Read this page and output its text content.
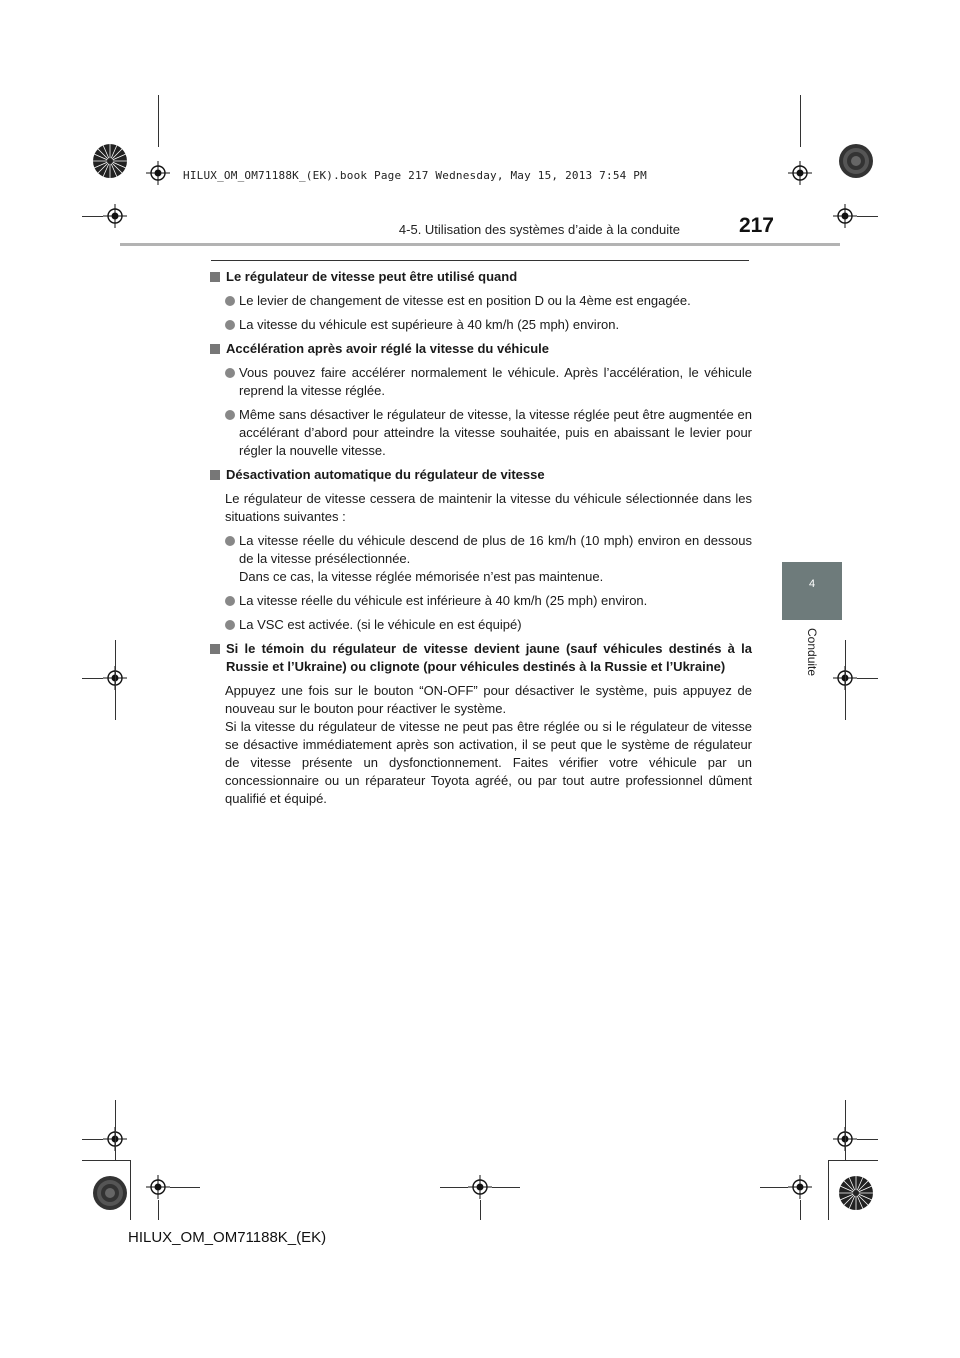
HILUX_OM_OM71188K_(EK).book Page 217 Wednesday, May 15, 2013 7:54 PM
4-5. Utilisation des systèmes d’aide à la conduite	217
4
Conduite
Le régulateur de vitesse peut être utilisé quand
Le levier de changement de vitesse est en position D ou la 4ème est engagée.
La vitesse du véhicule est supérieure à 40 km/h (25 mph) environ.
Accélération après avoir réglé la vitesse du véhicule
Vous pouvez faire accélérer normalement le véhicule. Après l’accélération, le véhicule reprend la vitesse réglée.
Même sans désactiver le régulateur de vitesse, la vitesse réglée peut être augmentée en accélérant d’abord pour atteindre la vitesse souhaitée, puis en abaissant le levier pour régler la nouvelle vitesse.
Désactivation automatique du régulateur de vitesse
Le régulateur de vitesse cessera de maintenir la vitesse du véhicule sélectionnée dans les situations suivantes :
La vitesse réelle du véhicule descend de plus de 16 km/h (10 mph) environ en dessous de la vitesse présélectionnée.
Dans ce cas, la vitesse réglée mémorisée n’est pas maintenue.
La vitesse réelle du véhicule est inférieure à 40 km/h (25 mph) environ.
La VSC est activée. (si le véhicule en est équipé)
Si le témoin du régulateur de vitesse devient jaune (sauf véhicules destinés à la Russie et l’Ukraine) ou clignote (pour véhicules destinés à la Russie et l’Ukraine)
Appuyez une fois sur le bouton “ON-OFF” pour désactiver le système, puis appuyez de nouveau sur le bouton pour réactiver le système.
Si la vitesse du régulateur de vitesse ne peut pas être réglée ou si le régulateur de vitesse se désactive immédiatement après son activation, il se peut que le système de régulateur de vitesse présente un dysfonctionnement. Faites vérifier votre véhicule par un concessionnaire ou un réparateur Toyota agréé, ou par tout autre professionnel dûment qualifié et équipé.
HILUX_OM_OM71188K_(EK)
